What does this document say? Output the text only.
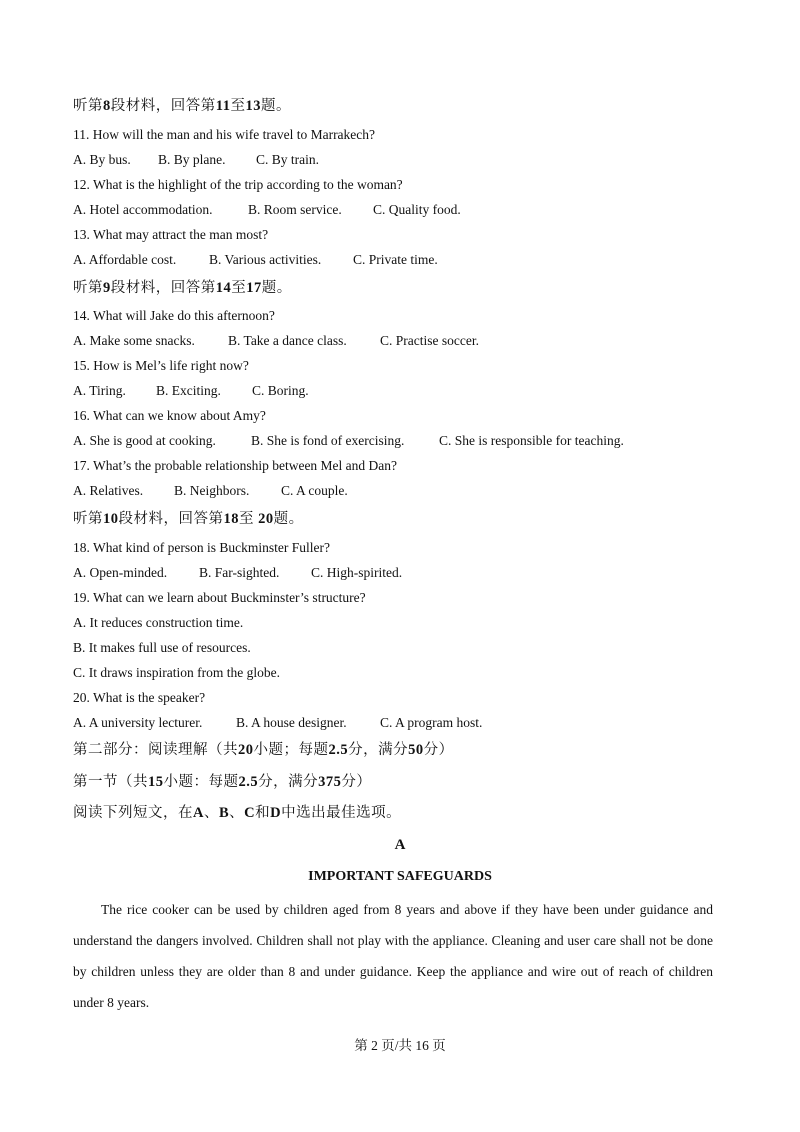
听第8段材料，回答第11至13题。
11. How will the man and his wife travel to Marrakech?
A. By bus. B. By plane. C. By train.
12. What is the highlight of the trip according to the woman?
A. Hotel accommodation.	B. Room service. C. Quality food.
13. What may attract the man most?
A. Affordable cost. B. Various activities. C. Private time.
听第9段材料，回答第14至17题。
14. What will Jake do this afternoon?
A. Make some snacks. B. Take a dance class. C. Practise soccer.
15. How is Mel’s life right now?
A. Tiring. B. Exciting. C. Boring.
16. What can we know about Amy?
A. She is good at cooking.	B. She is fond of exercising.	C. She is responsible for teaching.
17. What’s the probable relationship between Mel and Dan?
A. Relatives. B. Neighbors. C. A couple.
听第10段材料，回答第18至 20题。
18. What kind of person is Buckminster Fuller?
A. Open-minded. B. Far-sighted. C. High-spirited.
19. What can we learn about Buckminster’s structure?
A. It reduces construction time.
B. It makes full use of resources.
C. It draws inspiration from the globe.
20. What is the speaker?
A. A university lecturer. B. A house designer. C. A program host.
第二部分：阅读理解（共20小题；每题2.5分，满分50分）
第一节（共15小题：每题2.5分，满分375分）
阅读下列短文，在A、B、C和D中选出最佳选项。
A
IMPORTANT SAFEGUARDS
The rice cooker can be used by children aged from 8 years and above if they have been under guidance and understand the dangers involved. Children shall not play with the appliance. Cleaning and user care shall not be done by children unless they are older than 8 and under guidance. Keep the appliance and wire out of reach of children under 8 years.
第 2 页/共 16 页
